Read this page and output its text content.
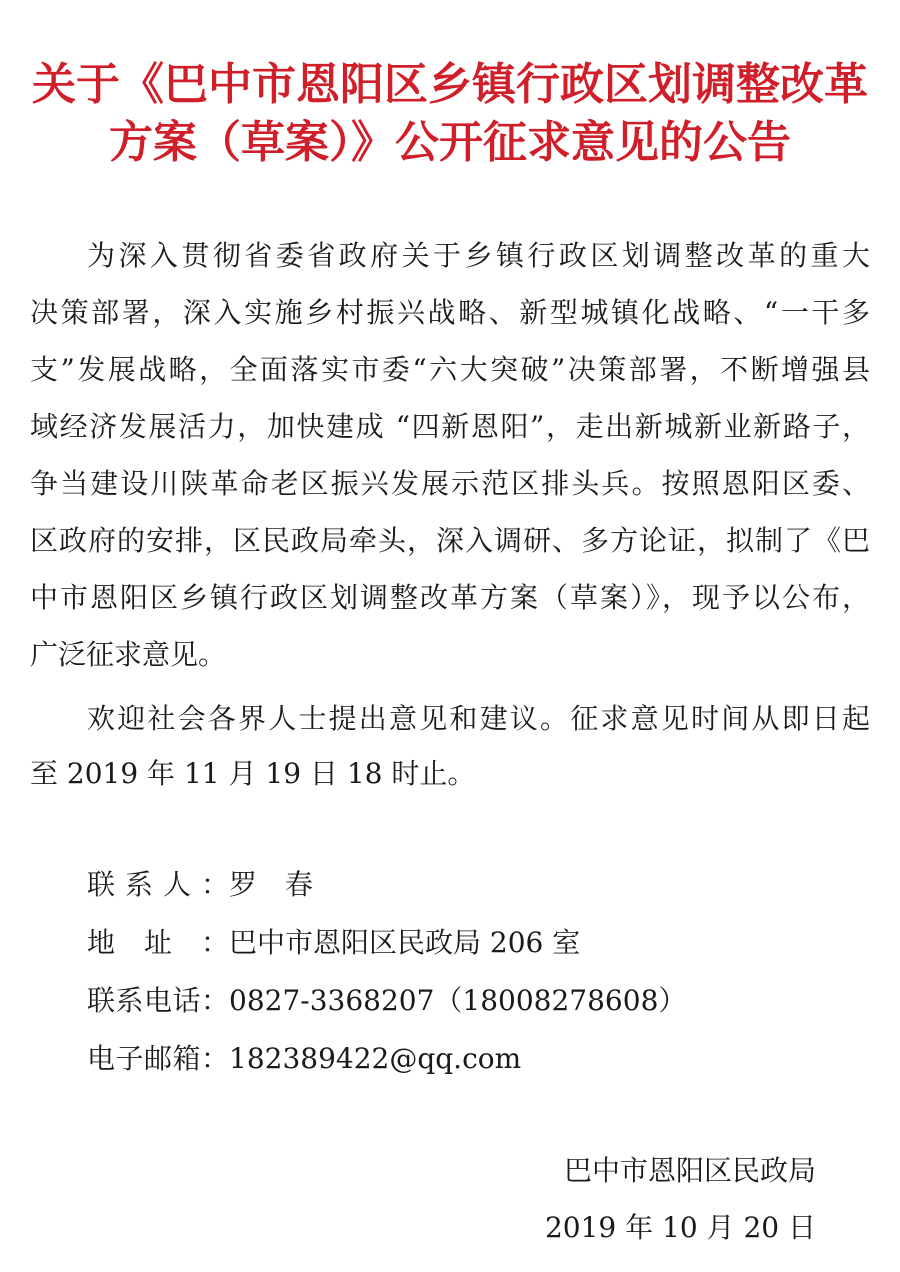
关于《巴中市恩阳区乡镇行政区划调整改革
方案（草案）》公开征求意见的公告
为深入贯彻省委省政府关于乡镇行政区划调整改革的重大
决策部署，深入实施乡村振兴战略、新型城镇化战略、“一干多
支”发展战略，全面落实市委“六大突破”决策部署，不断增强县
域经济发展活力，加快建成 “四新恩阳”，走出新城新业新路子，
争当建设川陕革命老区振兴发展示范区排头兵。按照恩阳区委、
区政府的安排，区民政局牵头，深入调研、多方论证，拟制了《巴
中市恩阳区乡镇行政区划调整改革方案（草案）》，现予以公布，
广泛征求意见。
欢迎社会各界人士提出意见和建议。征求意见时间从即日起
至 2019 年 11 月 19 日 18 时止。
联系人：罗　春
地址：巴中市恩阳区民政局 206 室
联系电话：0827-3368207（18008278608）
电子邮箱：182389422@qq.com
巴中市恩阳区民政局
2019 年 10 月 20 日
